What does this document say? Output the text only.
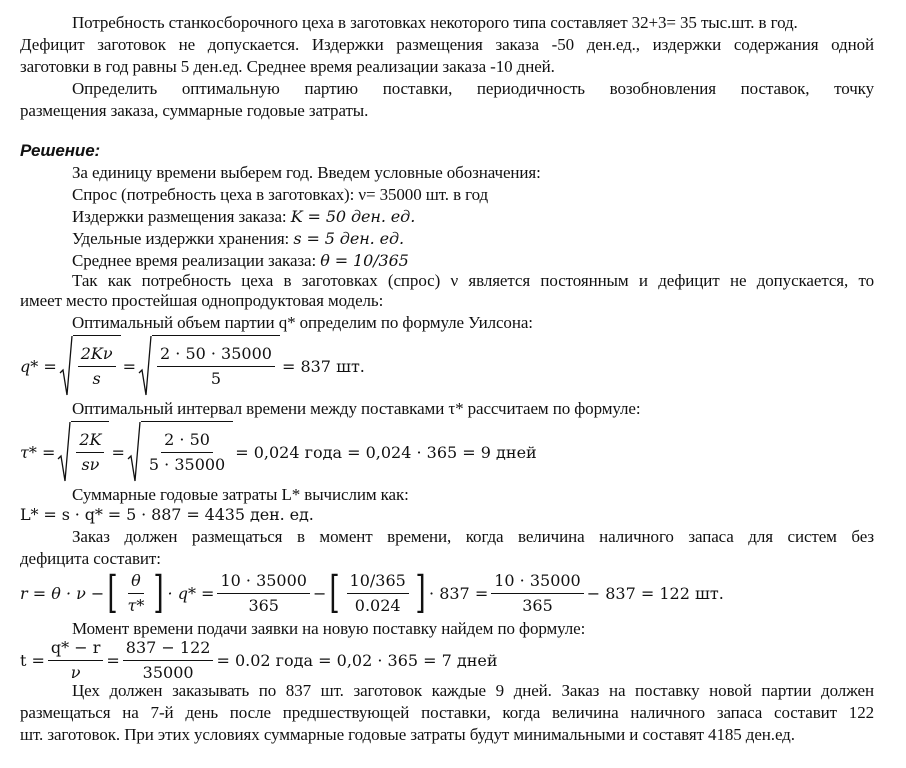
Потребность станкосборочного цеха в заготовках некоторого типа составляет 32+3= 35 тыс.шт. в год.
Дефицит заготовок не допускается. Издержки размещения заказа -50 ден.ед., издержки содержания одной
заготовки в год равны 5 ден.ед. Среднее время реализации заказа -10 дней.
Определить оптимальную партию поставки, периодичность возобновления поставок, точку
размещения заказа, суммарные годовые затраты.
Решение:
За единицу времени выберем год. Введем условные обозначения:
Спрос (потребность цеха в заготовках): ν= 35000 шт. в год
Издержки размещения заказа: K = 50 ден. ед.
Удельные издержки хранения: s = 5 ден. ед.
Среднее время реализации заказа: θ = 10/365
Так как потребность цеха в заготовках (спрос) ν является постоянным и дефицит не допускается, то
имеет место простейшая однопродуктовая модель:
Оптимальный объем партии q* определим по формуле Уилсона:
$q* = \frac{2K\nu}{s} = \frac{2 \cdot 50 \cdot 35000}{5} = 837$ шт.
Оптимальный интервал времени между поставками τ* рассчитаем по формуле:
$\tau* = \frac{2K}{s\nu} = \frac{2 \cdot 50}{5 \cdot 35000} = 0,024$ года = 0,024 · 365 = 9 дней
Суммарные годовые затраты L* вычислим как:
L* = s · q* = 5 · 887 = 4435 ден. ед.
Заказ должен размещаться в момент времени, когда величина наличного запаса для систем без
дефицита составит:
r = θ · ν − [ $\frac{\theta}{\tau*}$ ] · $q* = \frac{10 \cdot 35000}{365}$ − [ $\frac{10/365}{0.024}$ ] · $837 = \frac{10 \cdot 35000}{365} - 837 = 122$ шт.
Момент времени подачи заявки на новую поставку найдем по формуле:
$t = \frac{q* - r}{\nu} = \frac{837 - 122}{35000} = 0.02$ года = 0,02 · 365 = 7 дней
Цех должен заказывать по 837 шт. заготовок каждые 9 дней. Заказ на поставку новой партии должен
размещаться на 7-й день после предшествующей поставки, когда величина наличного запаса составит 122
шт. заготовок. При этих условиях суммарные годовые затраты будут минимальными и составят 4185 ден.ед.
